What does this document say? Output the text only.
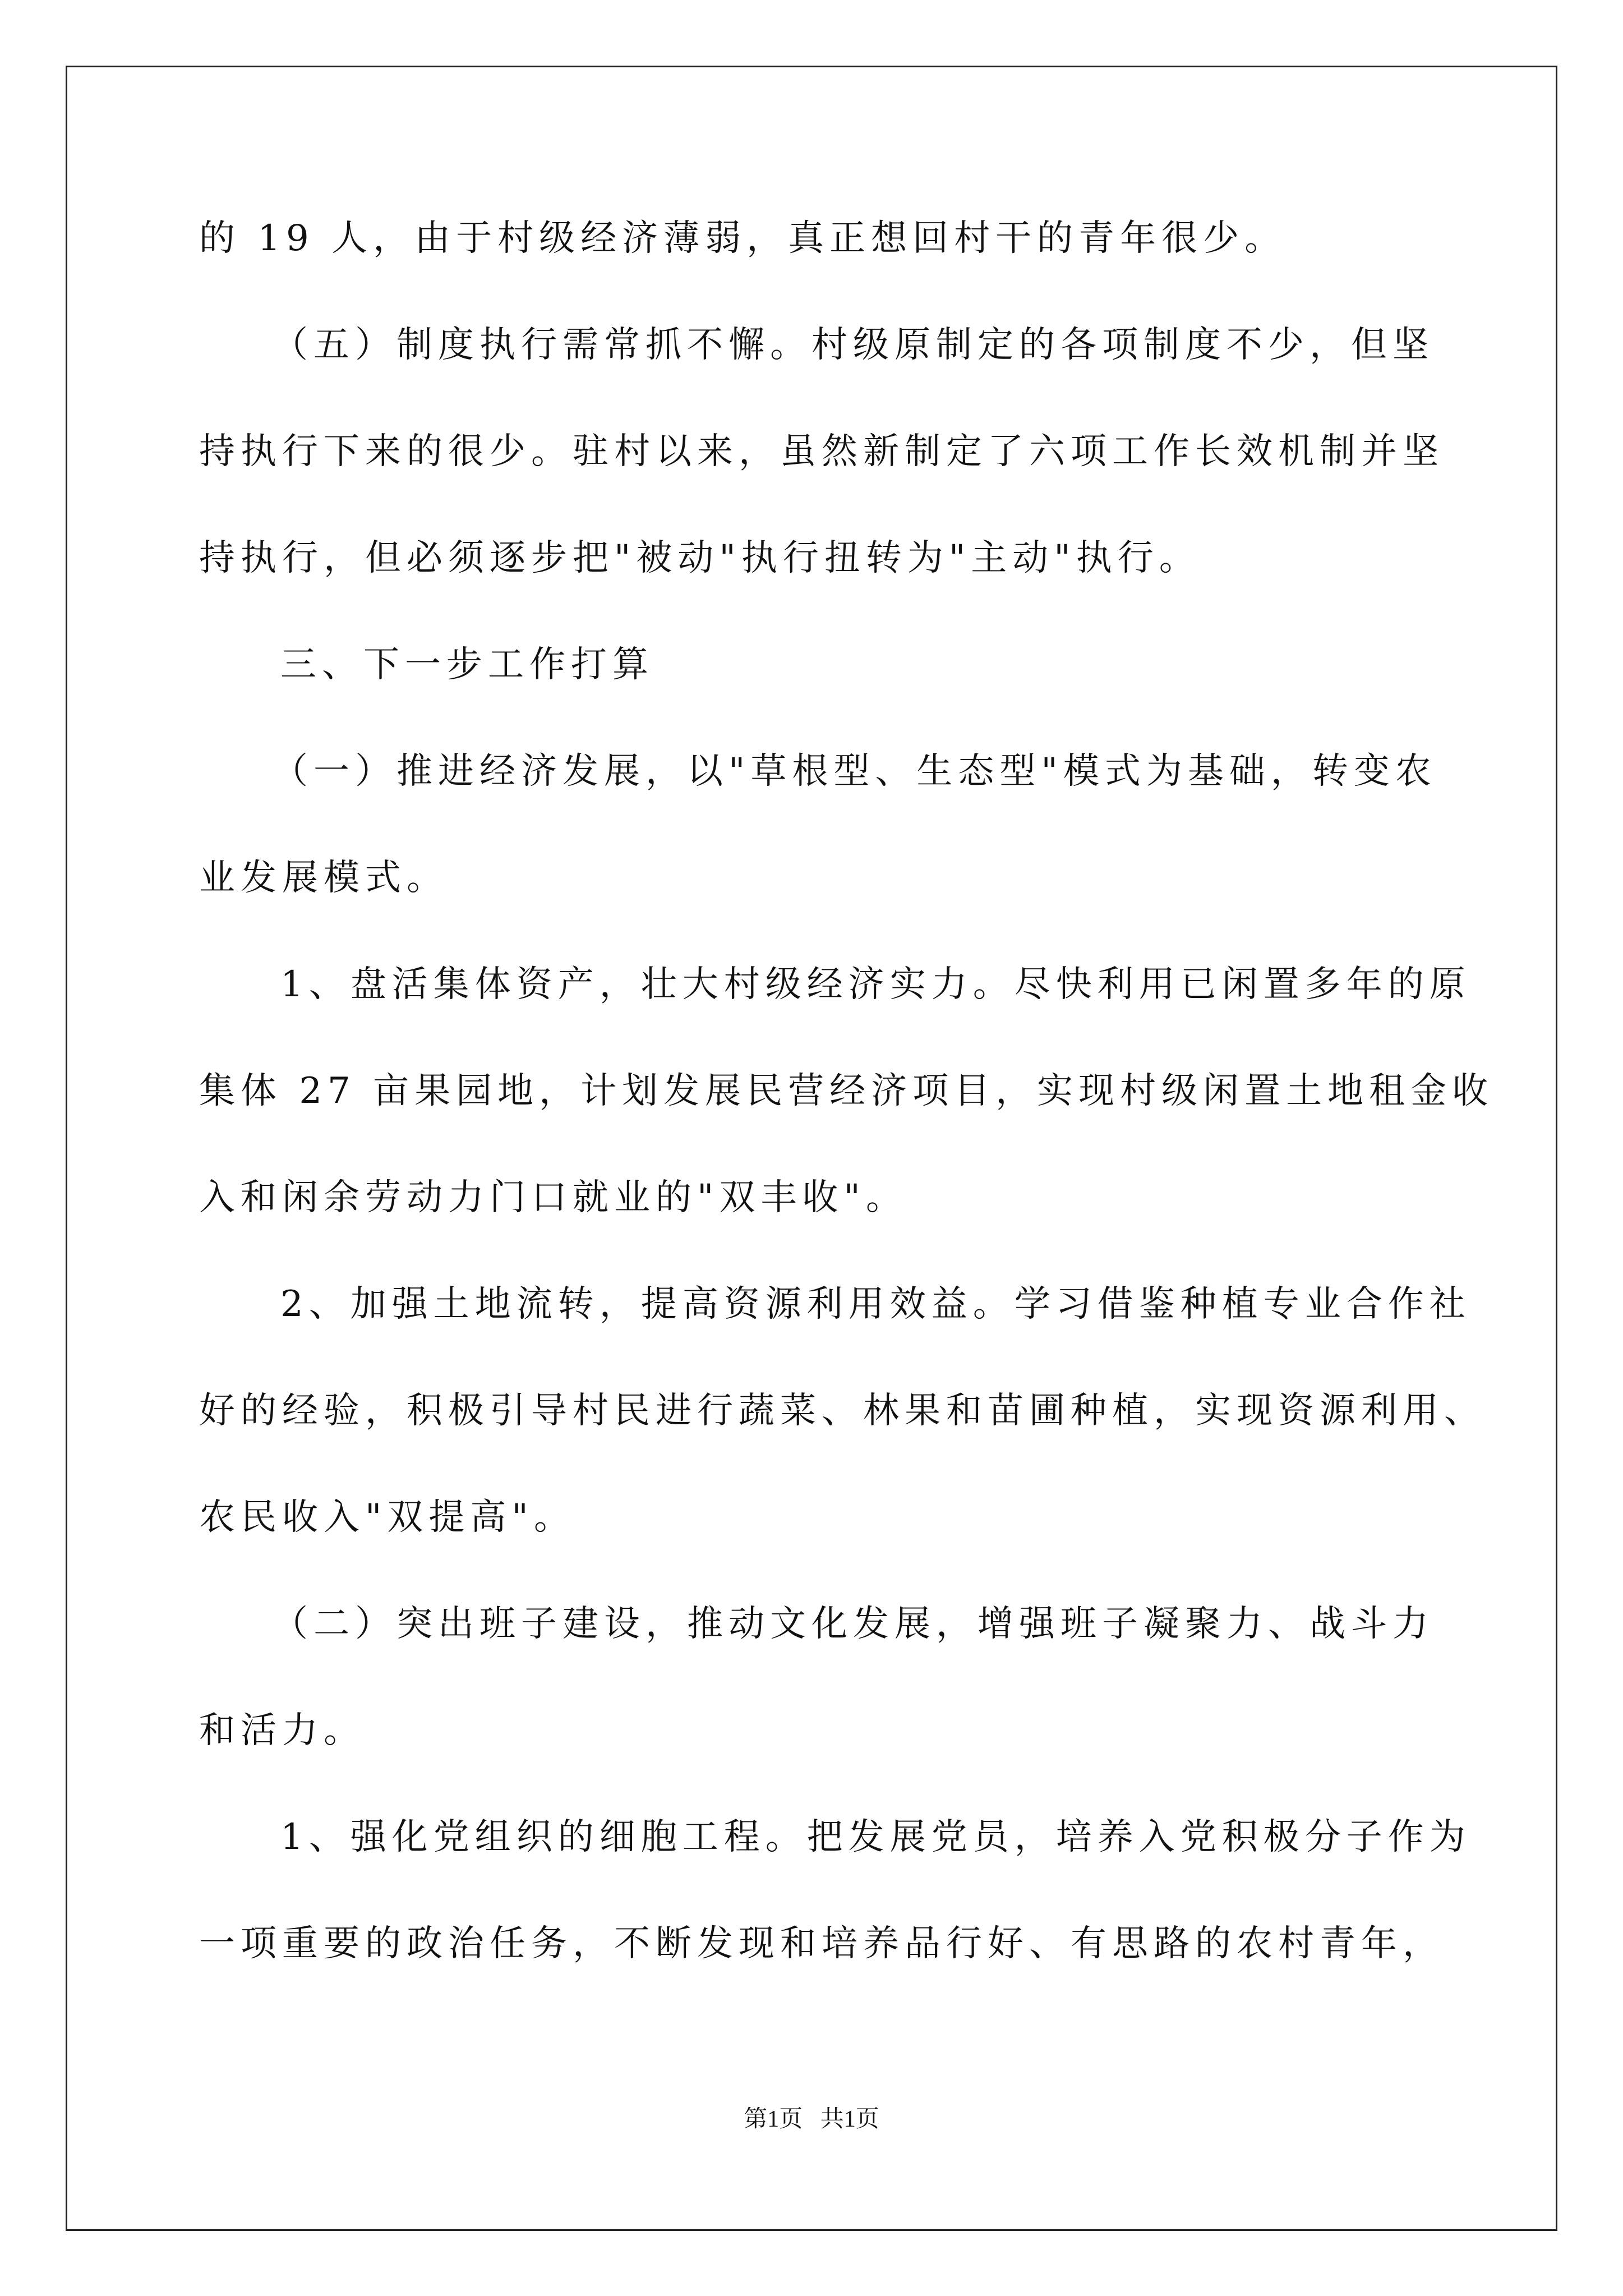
的 19 人，由于村级经济薄弱，真正想回村干的青年很少。
（五）制度执行需常抓不懈。村级原制定的各项制度不少，但坚
持执行下来的很少。驻村以来，虽然新制定了六项工作长效机制并坚
持执行，但必须逐步把"被动"执行扭转为"主动"执行。
三、下一步工作打算
（一）推进经济发展，以"草根型、生态型"模式为基础，转变农
业发展模式。
1、盘活集体资产，壮大村级经济实力。尽快利用已闲置多年的原
集体 27 亩果园地，计划发展民营经济项目，实现村级闲置土地租金收
入和闲余劳动力门口就业的"双丰收"。
2、加强土地流转，提高资源利用效益。学习借鉴种植专业合作社
好的经验，积极引导村民进行蔬菜、林果和苗圃种植，实现资源利用、
农民收入"双提高"。
（二）突出班子建设，推动文化发展，增强班子凝聚力、战斗力
和活力。
1、强化党组织的细胞工程。把发展党员，培养入党积极分子作为
一项重要的政治任务，不断发现和培养品行好、有思路的农村青年，
第1页   共1页
